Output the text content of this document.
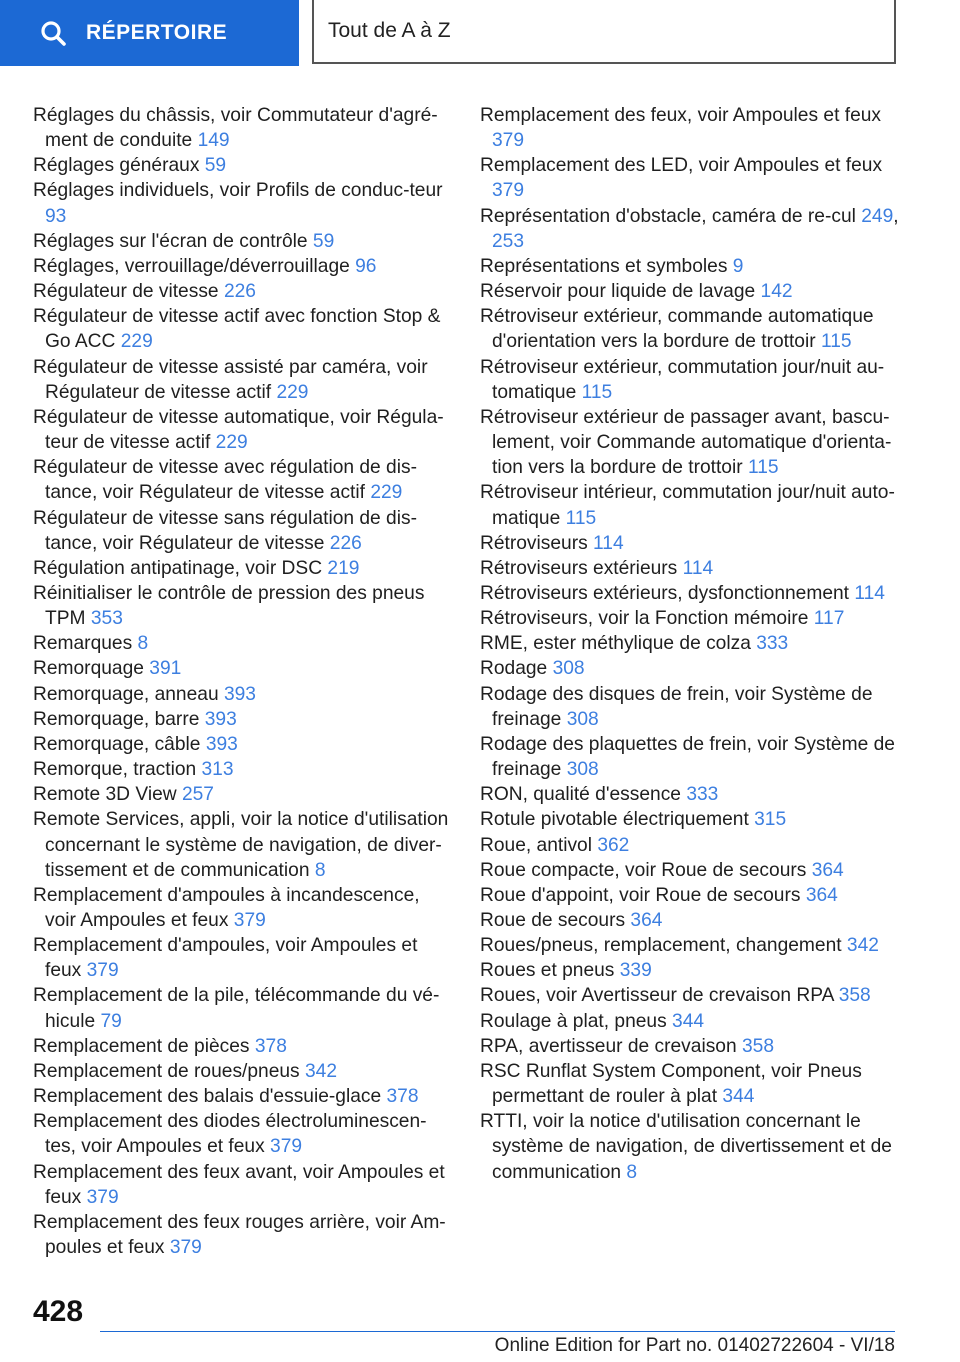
RÉPERTOIRE	Tout de A à Z
Réglages du châssis, voir Commutateur d'agré-ment de conduite 149
Réglages généraux 59
Réglages individuels, voir Profils de conduc-teur 93
Réglages sur l'écran de contrôle 59
Réglages, verrouillage/déverrouillage 96
Régulateur de vitesse 226
Régulateur de vitesse actif avec fonction Stop & Go ACC 229
Régulateur de vitesse assisté par caméra, voir Régulateur de vitesse actif 229
Régulateur de vitesse automatique, voir Régula-teur de vitesse actif 229
Régulateur de vitesse avec régulation de dis-tance, voir Régulateur de vitesse actif 229
Régulateur de vitesse sans régulation de dis-tance, voir Régulateur de vitesse 226
Régulation antipatinage, voir DSC 219
Réinitialiser le contrôle de pression des pneus TPM 353
Remarques 8
Remorquage 391
Remorquage, anneau 393
Remorquage, barre 393
Remorquage, câble 393
Remorque, traction 313
Remote 3D View 257
Remote Services, appli, voir la notice d'utilisation concernant le système de navigation, de diver-tissement et de communication 8
Remplacement d'ampoules à incandescence, voir Ampoules et feux 379
Remplacement d'ampoules, voir Ampoules et feux 379
Remplacement de la pile, télécommande du vé-hicule 79
Remplacement de pièces 378
Remplacement de roues/pneus 342
Remplacement des balais d'essuie-glace 378
Remplacement des diodes électroluminescen-tes, voir Ampoules et feux 379
Remplacement des feux avant, voir Ampoules et feux 379
Remplacement des feux rouges arrière, voir Am-poules et feux 379
Remplacement des feux, voir Ampoules et feux 379
Remplacement des LED, voir Ampoules et feux 379
Représentation d'obstacle, caméra de re-cul 249, 253
Représentations et symboles 9
Réservoir pour liquide de lavage 142
Rétroviseur extérieur, commande automatique d'orientation vers la bordure de trottoir 115
Rétroviseur extérieur, commutation jour/nuit au-tomatique 115
Rétroviseur extérieur de passager avant, bascu-lement, voir Commande automatique d'orienta-tion vers la bordure de trottoir 115
Rétroviseur intérieur, commutation jour/nuit auto-matique 115
Rétroviseurs 114
Rétroviseurs extérieurs 114
Rétroviseurs extérieurs, dysfonctionnement 114
Rétroviseurs, voir la Fonction mémoire 117
RME, ester méthylique de colza 333
Rodage 308
Rodage des disques de frein, voir Système de freinage 308
Rodage des plaquettes de frein, voir Système de freinage 308
RON, qualité d'essence 333
Rotule pivotable électriquement 315
Roue, antivol 362
Roue compacte, voir Roue de secours 364
Roue d'appoint, voir Roue de secours 364
Roue de secours 364
Roues/pneus, remplacement, changement 342
Roues et pneus 339
Roues, voir Avertisseur de crevaison RPA 358
Roulage à plat, pneus 344
RPA, avertisseur de crevaison 358
RSC Runflat System Component, voir Pneus permettant de rouler à plat 344
RTTI, voir la notice d'utilisation concernant le système de navigation, de divertissement et de communication 8
428
Online Edition for Part no. 01402722604 - VI/18
